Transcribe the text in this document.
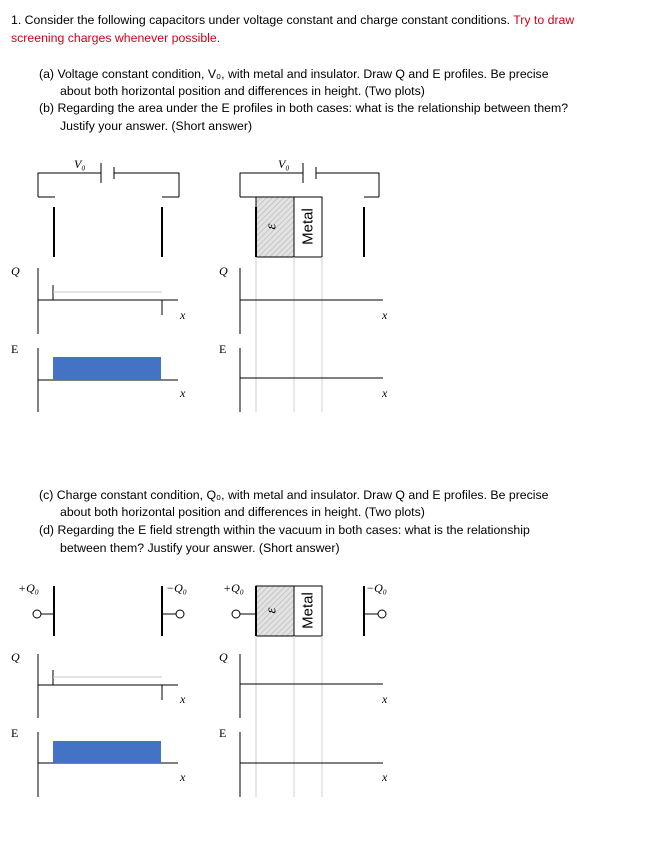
1. Consider the following capacitors under voltage constant and charge constant conditions. Try to draw
screening charges whenever possible.
(a) Voltage constant condition, V₀, with metal and insulator. Draw Q and E profiles. Be precise
about both horizontal position and differences in height. (Two plots)
(b) Regarding the area under the E profiles in both cases: what is the relationship between them?
Justify your answer. (Short answer)
(c) Charge constant condition, Q₀, with metal and insulator. Draw Q and E profiles. Be precise
about both horizontal position and differences in height. (Two plots)
(d) Regarding the E field strength within the vacuum in both cases: what is the relationship
between them? Justify your answer. (Short answer)
ε Metal
ε Metal
V₀	V₀
Q
x
E
x
Q
x
E
x
+Q₀	−Q₀	+Q₀	−Q₀
Q
x
E
x
Q
x
E
x
